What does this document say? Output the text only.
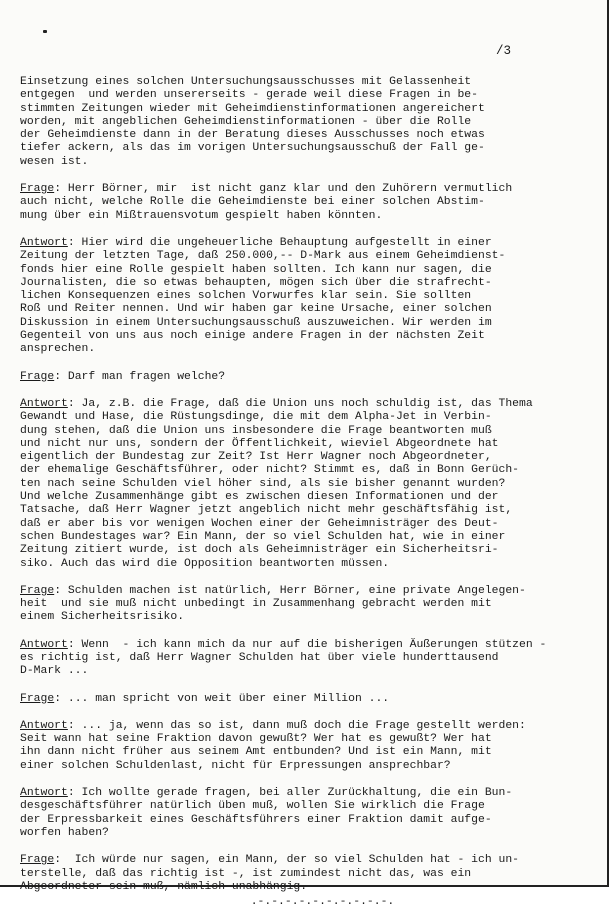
/3

Einsetzung eines solchen Untersuchungsausschusses mit Gelassenheit
entgegen  und werden unsererseits - gerade weil diese Fragen in be-
stimmten Zeitungen wieder mit Geheimdienstinformationen angereichert
worden, mit angeblichen Geheimdienstinformationen - über die Rolle
der Geheimdienste dann in der Beratung dieses Ausschusses noch etwas
tiefer ackern, als das im vorigen Untersuchungsausschuß der Fall ge-
wesen ist.

Frage: Herr Börner, mir  ist nicht ganz klar und den Zuhörern vermutlich
auch nicht, welche Rolle die Geheimdienste bei einer solchen Abstim-
mung über ein Mißtrauensvotum gespielt haben könnten.

Antwort: Hier wird die ungeheuerliche Behauptung aufgestellt in einer
Zeitung der letzten Tage, daß 250.000,-- D-Mark aus einem Geheimdienst-
fonds hier eine Rolle gespielt haben sollten. Ich kann nur sagen, die
Journalisten, die so etwas behaupten, mögen sich über die strafrecht-
lichen Konsequenzen eines solchen Vorwurfes klar sein. Sie sollten
Roß und Reiter nennen. Und wir haben gar keine Ursache, einer solchen
Diskussion in einem Untersuchungsausschuß auszuweichen. Wir werden im
Gegenteil von uns aus noch einige andere Fragen in der nächsten Zeit
ansprechen.

Frage: Darf man fragen welche?

Antwort: Ja, z.B. die Frage, daß die Union uns noch schuldig ist, das Thema
Gewandt und Hase, die Rüstungsdinge, die mit dem Alpha-Jet in Verbin-
dung stehen, daß die Union uns insbesondere die Frage beantworten muß
und nicht nur uns, sondern der Öffentlichkeit, wieviel Abgeordnete hat
eigentlich der Bundestag zur Zeit? Ist Herr Wagner noch Abgeordneter,
der ehemalige Geschäftsführer, oder nicht? Stimmt es, daß in Bonn Gerüch-
ten nach seine Schulden viel höher sind, als sie bisher genannt wurden?
Und welche Zusammenhänge gibt es zwischen diesen Informationen und der
Tatsache, daß Herr Wagner jetzt angeblich nicht mehr geschäftsfähig ist,
daß er aber bis vor wenigen Wochen einer der Geheimnisträger des Deut-
schen Bundestages war? Ein Mann, der so viel Schulden hat, wie in einer
Zeitung zitiert wurde, ist doch als Geheimnisträger ein Sicherheitsri-
siko. Auch das wird die Opposition beantworten müssen.

Frage: Schulden machen ist natürlich, Herr Börner, eine private Angelegen-
heit  und sie muß nicht unbedingt in Zusammenhang gebracht werden mit
einem Sicherheitsrisiko.

Antwort: Wenn  - ich kann mich da nur auf die bisherigen Äußerungen stützen -
es richtig ist, daß Herr Wagner Schulden hat über viele hunderttausend
D-Mark ...

Frage: ... man spricht von weit über einer Million ...

Antwort: ... ja, wenn das so ist, dann muß doch die Frage gestellt werden:
Seit wann hat seine Fraktion davon gewußt? Wer hat es gewußt? Wer hat
ihn dann nicht früher aus seinem Amt entbunden? Und ist ein Mann, mit
einer solchen Schuldenlast, nicht für Erpressungen ansprechbar?

Antwort: Ich wollte gerade fragen, bei aller Zurückhaltung, die ein Bun-
desgeschäftsführer natürlich üben muß, wollen Sie wirklich die Frage
der Erpressbarkeit eines Geschäftsführers einer Fraktion damit aufge-
worfen haben?

Frage:  Ich würde nur sagen, ein Mann, der so viel Schulden hat - ich un-
terstelle, daß das richtig ist -, ist zumindest nicht das, was ein
Abgeordneter sein muß, nämlich unabhängig.

.-.-.-.-.-.-.-.-.-.-.
